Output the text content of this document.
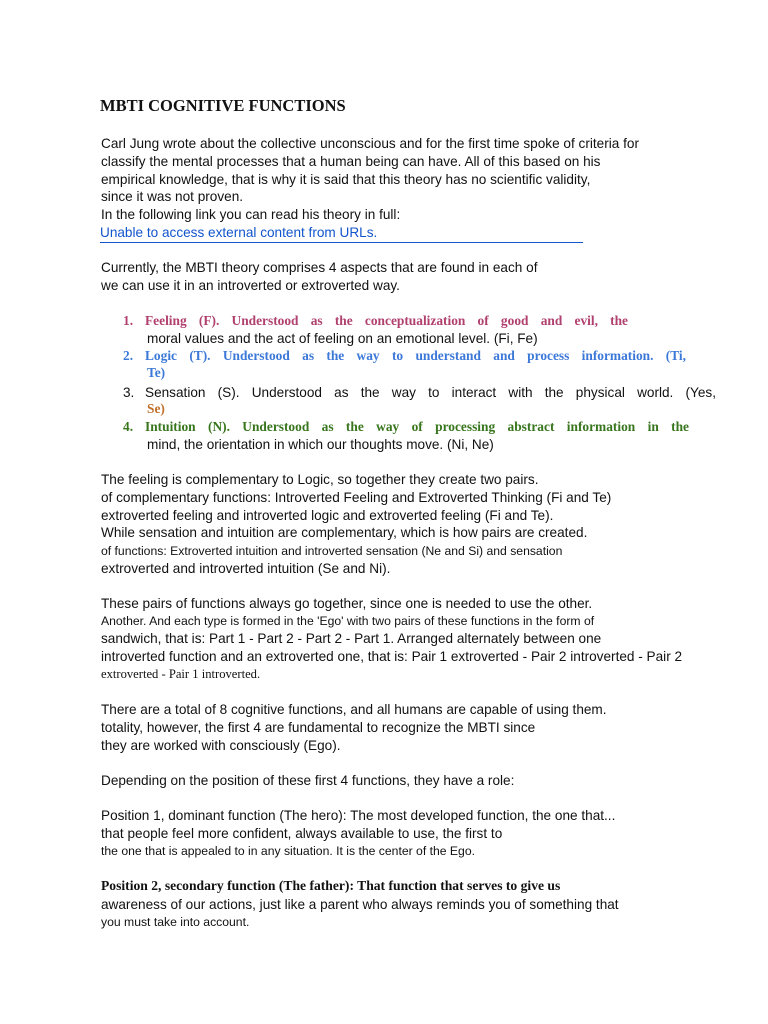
MBTI COGNITIVE FUNCTIONS
Carl Jung wrote about the collective unconscious and for the first time spoke of criteria for
classify the mental processes that a human being can have. All of this based on his
empirical knowledge, that is why it is said that this theory has no scientific validity,
since it was not proven.
In the following link you can read his theory in full:
Unable to access external content from URLs.
Currently, the MBTI theory comprises 4 aspects that are found in each of
we can use it in an introverted or extroverted way.
1. Feeling (F). Understood as the conceptualization of good and evil, the
moral values and the act of feeling on an emotional level. (Fi, Fe)
2. Logic (T). Understood as the way to understand and process information. (Ti,
Te)
3. Sensation (S). Understood as the way to interact with the physical world. (Yes,
Se)
4. Intuition (N). Understood as the way of processing abstract information in the
mind, the orientation in which our thoughts move. (Ni, Ne)
The feeling is complementary to Logic, so together they create two pairs.
of complementary functions: Introverted Feeling and Extroverted Thinking (Fi and Te)
extroverted feeling and introverted logic and extroverted feeling (Fi and Te).
While sensation and intuition are complementary, which is how pairs are created.
of functions: Extroverted intuition and introverted sensation (Ne and Si) and sensation
extroverted and introverted intuition (Se and Ni).
These pairs of functions always go together, since one is needed to use the other.
Another. And each type is formed in the 'Ego' with two pairs of these functions in the form of
sandwich, that is: Part 1 - Part 2 - Part 2 - Part 1. Arranged alternately between one
introverted function and an extroverted one, that is: Pair 1 extroverted - Pair 2 introverted - Pair 2
extroverted - Pair 1 introverted.
There are a total of 8 cognitive functions, and all humans are capable of using them.
totality, however, the first 4 are fundamental to recognize the MBTI since
they are worked with consciously (Ego).
Depending on the position of these first 4 functions, they have a role:
Position 1, dominant function (The hero): The most developed function, the one that...
that people feel more confident, always available to use, the first to
the one that is appealed to in any situation. It is the center of the Ego.
Position 2, secondary function (The father): That function that serves to give us
awareness of our actions, just like a parent who always reminds you of something that
you must take into account.
